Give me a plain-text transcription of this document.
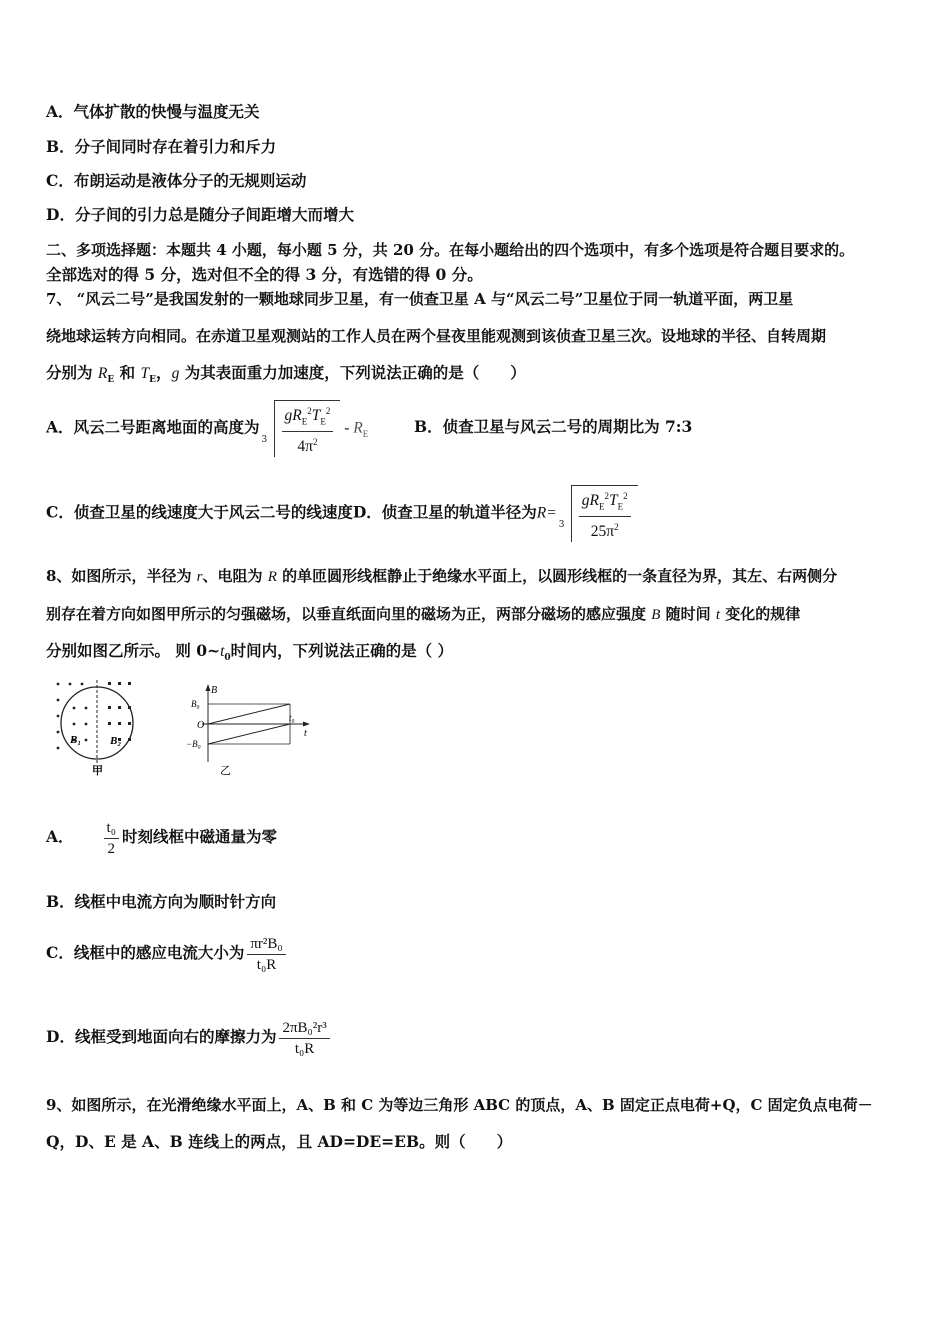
A．气体扩散的快慢与温度无关
B．分子间同时存在着引力和斥力
C．布朗运动是液体分子的无规则运动
D．分子间的引力总是随分子间距增大而增大
二、多项选择题：本题共 4 小题，每小题 5 分，共 20 分。在每小题给出的四个选项中，有多个选项是符合题目要求的。
全部选对的得 5 分，选对但不全的得 3 分，有选错的得 0 分。
7、 “风云二号”是我国发射的一颗地球同步卫星，有一侦查卫星 A 与“风云二号”卫星位于同一轨道平面，两卫星
绕地球运转方向相同。在赤道卫星观测站的工作人员在两个昼夜里能观测到该侦查卫星三次。设地球的半径、自转周期
分别为 $R_E$ 和 $T_E$，g 为其表面重力加速度，下列说法正确的是（　　）
A．风云二号距离地面的高度为
$3 \frac{gR_E^2T_E^2}{4\pi^2} - R_E$	B．侦查卫星与风云二号的周期比为 7:3
C．侦查卫星的线速度大于风云二号的线速度D．侦查卫星的轨道半径为R=
$3 \frac{gR_E^2T_E^2}{25\pi^2}$
8、如图所示，半径为 r、电阻为 R 的单匝圆形线框静止于绝缘水平面上，以圆形线框的一条直径为界，其左、右两侧分
别存在着方向如图甲所示的匀强磁场，以垂直纸面向里的磁场为正，两部分磁场的感应强度 B 随时间 t 变化的规律
分别如图乙所示。 则 $0\sim t_0$时间内，下列说法正确的是（ ）
B₁	B₂
甲
B
t
B₀
O
−B₀
t₀
乙
A． $\frac{\text{t₀}}{2}$ 时刻线框中磁通量为零
B．线框中电流方向为顺时针方向
C．线框中的感应电流大小为 $\frac{\text{πr²B₀}}{\text{t₀R}}$
D．线框受到地面向右的摩擦力为 $\frac{\text{2πB₀²r³}}{\text{t₀R}}$
9、如图所示，在光滑绝缘水平面上，A、B 和 C 为等边三角形 ABC 的顶点，A、B 固定正点电荷+Q，C 固定负点电荷－
Q，D、E 是 A、B 连线上的两点，且 AD=DE=EB。则（　　）
